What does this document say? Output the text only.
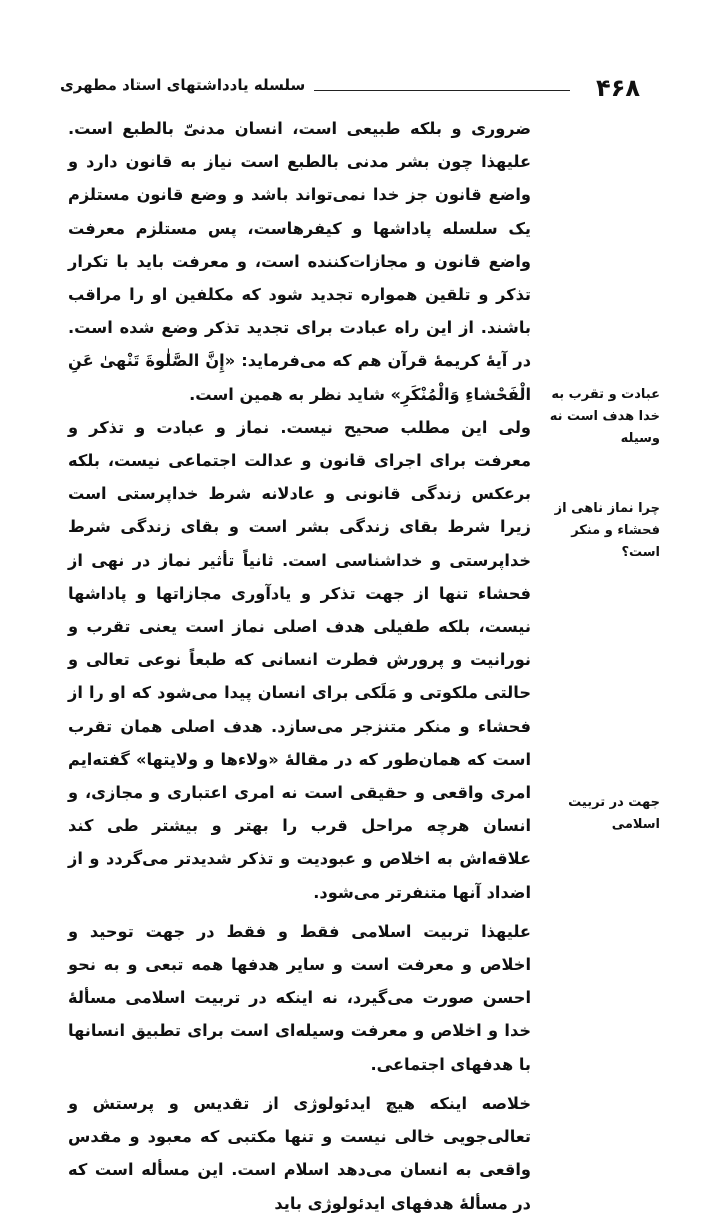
۴۶۸
سلسله یادداشتهای استاد مطهری

ضروری و بلکه طبیعی است، انسان مدنیّ بالطبع است. علیهذا چون بشر مدنی بالطبع است نیاز به قانون دارد و واضع قانون جز خدا نمی‌تواند باشد و وضع قانون مستلزم یک سلسله پاداشها و کیفرهاست، پس مستلزم معرفت واضع قانون و مجازات‌کننده است، و معرفت باید با تکرار تذکر و تلقین همواره تجدید شود که مکلفین او را مراقب باشند. از این راه عبادت برای تجدید تذکر وضع شده است. در آیهٔ کریمهٔ قرآن هم که می‌فرماید: «إِنَّ الصَّلٰوةَ تَنْهىٰ عَنِ الْفَحْشاءِ وَالْمُنْكَرِ» شاید نظر به همین است.

ولی این مطلب صحیح نیست. نماز و عبادت و تذکر و معرفت برای اجرای قانون و عدالت اجتماعی نیست، بلکه برعکس زندگی قانونی و عادلانه شرط خداپرستی است زیرا شرط بقای زندگی بشر است و بقای زندگی شرط خداپرستی و خداشناسی است. ثانیاً تأثیر نماز در نهی از فحشاء تنها از جهت تذکر و یادآوری مجازاتها و پاداشها نیست، بلکه طفیلی هدف اصلی نماز است یعنی تقرب و نورانیت و پرورش فطرت انسانی که طبعاً نوعی تعالی و حالتی ملکوتی و مَلَکی برای انسان پیدا می‌شود که او را از فحشاء و منکر متنزجر می‌سازد. هدف اصلی همان تقرب است که همان‌طور که در مقالهٔ «ولاءها و ولایتها» گفته‌ایم امری واقعی و حقیقی است نه امری اعتباری و مجازی، و انسان هرچه مراحل قرب را بهتر و بیشتر طی کند علاقه‌اش به اخلاص و عبودیت و تذکر شدیدتر می‌گردد و از اضداد آنها متنفرتر می‌شود.

علیهذا تربیت اسلامی فقط و فقط در جهت توحید و اخلاص و معرفت است و سایر هدفها همه تبعی و به نحو احسن صورت می‌گیرد، نه اینکه در تربیت اسلامی مسألهٔ خدا و اخلاص و معرفت وسیله‌ای است برای تطبیق انسانها با هدفهای اجتماعی.

خلاصه اینکه هیچ ایدئولوژی از تقدیس و پرستش و تعالی‌جویی خالی نیست و تنها مکتبی که معبود و مقدس واقعی به انسان می‌دهد اسلام است. این مسأله است که در مسألهٔ هدفهای ایدئولوژی باید

عبادت و تقرب به خدا هدف است نه وسیله
چرا نماز ناهی از فحشاء و منکر است؟
جهت در تربیت اسلامی
